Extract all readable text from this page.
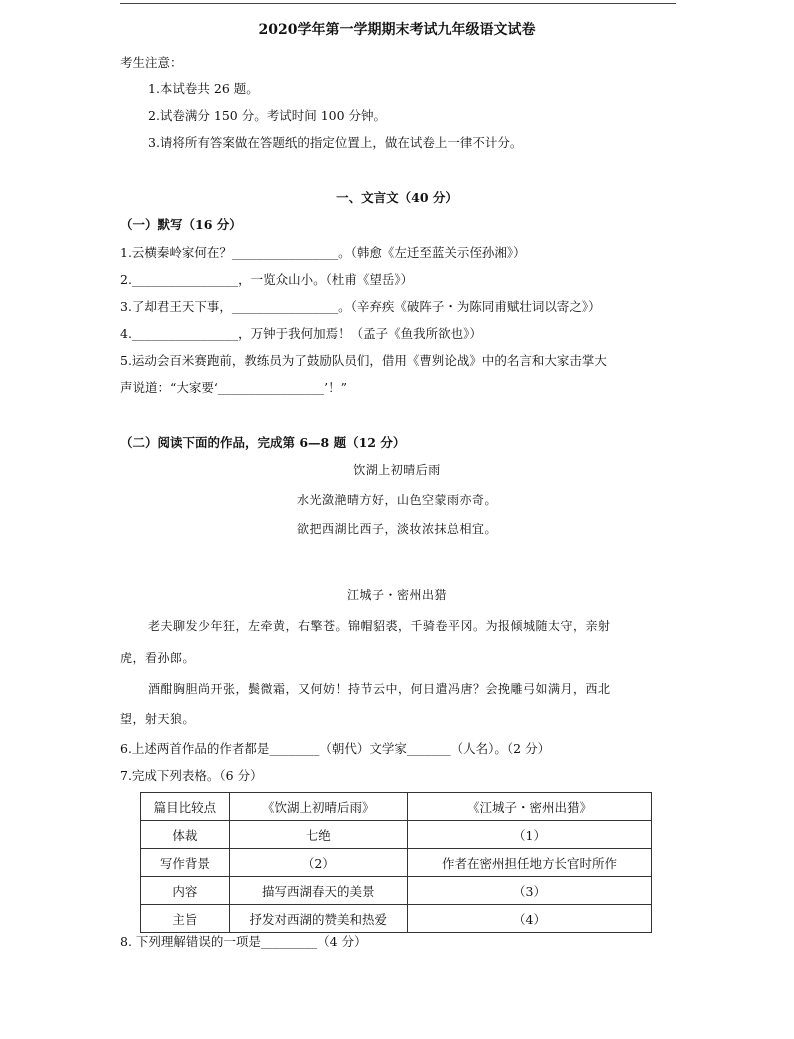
2020学年第一学期期末考试九年级语文试卷
考生注意：
1.本试卷共 26 题。
2.试卷满分 150 分。考试时间 100 分钟。
3.请将所有答案做在答题纸的指定位置上，做在试卷上一律不计分。
一、文言文（40 分）
（一）默写（16 分）
1.云横秦岭家何在？_________________。（韩愈《左迁至蓝关示侄孙湘》）
2._________________，一览众山小。（杜甫《望岳》）
3.了却君王天下事，_________________。（辛弃疾《破阵子・为陈同甫赋壮词以寄之》）
4._________________，万钟于我何加焉！（孟子《鱼我所欲也》）
5.运动会百米赛跑前，教练员为了鼓励队员们，借用《曹刿论战》中的名言和大家击掌大
声说道：“大家要‘_________________’！”
（二）阅读下面的作品，完成第 6—8 题（12 分）
饮湖上初晴后雨
水光潋滟晴方好，山色空蒙雨亦奇。
欲把西湖比西子，淡妆浓抹总相宜。
江城子・密州出猎
老夫聊发少年狂，左牵黄，右擎苍。锦帽貂裘，千骑卷平冈。为报倾城随太守，亲射
虎，看孙郎。
酒酣胸胆尚开张，鬓微霜，又何妨！持节云中，何日遣冯唐？会挽雕弓如满月，西北
望，射天狼。
6.上述两首作品的作者都是________（朝代）文学家_______（人名）。（2 分）
7.完成下列表格。（6 分）
篇目比较点	《饮湖上初晴后雨》	《江城子・密州出猎》
体裁	七绝	（1）
写作背景	（2）	作者在密州担任地方长官时所作
内容	描写西湖春天的美景	（3）
主旨	抒发对西湖的赞美和热爱	（4）
8. 下列理解错误的一项是_________（4 分）
